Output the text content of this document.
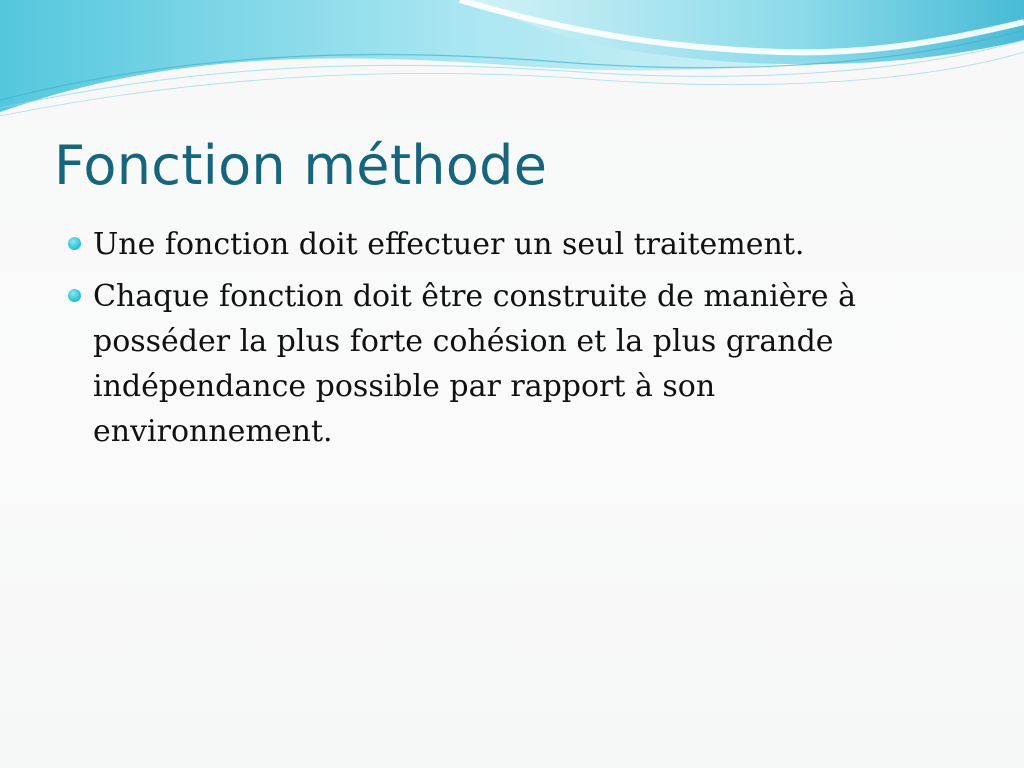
Fonction méthode
Une fonction doit effectuer un seul traitement.
Chaque fonction doit être construite de manière à posséder la plus forte cohésion et la plus grande indépendance possible par rapport à son environnement.
